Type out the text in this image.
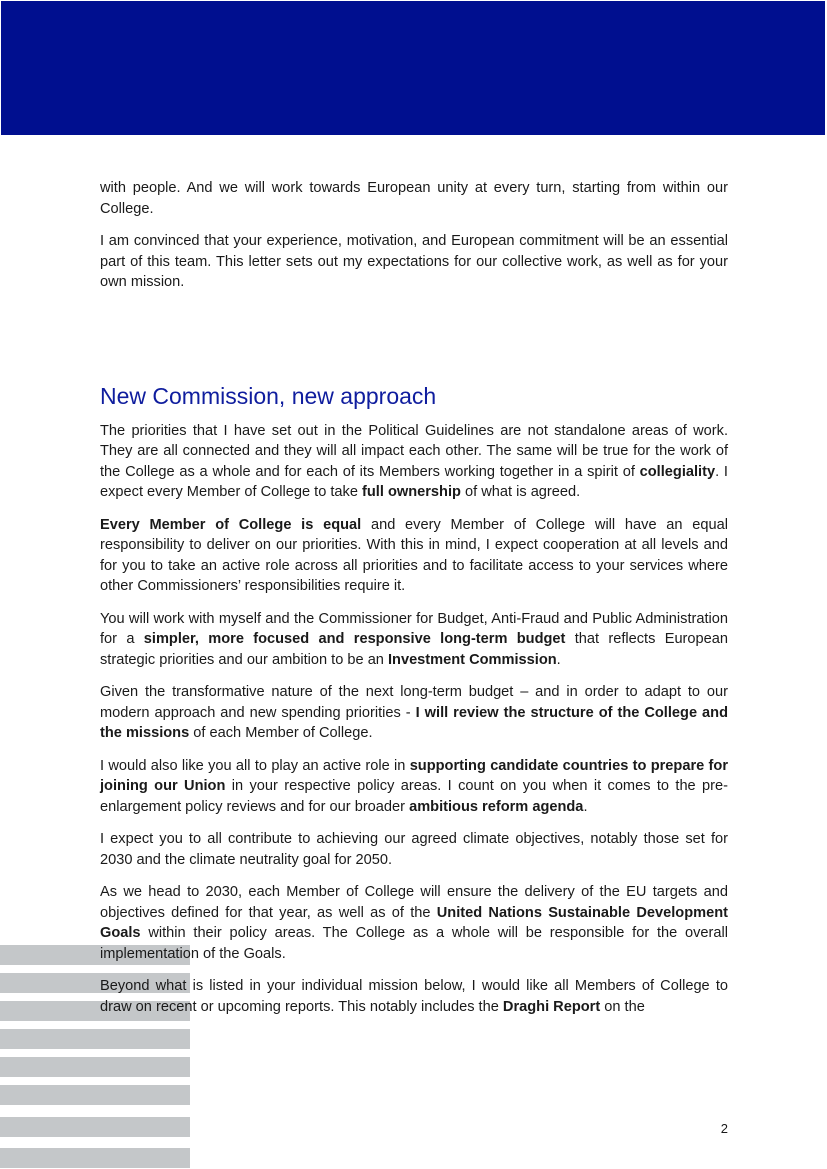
with people. And we will work towards European unity at every turn, starting from within our College.

I am convinced that your experience, motivation, and European commitment will be an essential part of this team. This letter sets out my expectations for our collective work, as well as for your own mission.

New Commission, new approach

The priorities that I have set out in the Political Guidelines are not standalone areas of work. They are all connected and they will all impact each other. The same will be true for the work of the College as a whole and for each of its Members working together in a spirit of collegiality. I expect every Member of College to take full ownership of what is agreed.

Every Member of College is equal and every Member of College will have an equal responsibility to deliver on our priorities. With this in mind, I expect cooperation at all levels and for you to take an active role across all priorities and to facilitate access to your services where other Commissioners’ responsibilities require it.

You will work with myself and the Commissioner for Budget, Anti-Fraud and Public Administration for a simpler, more focused and responsive long-term budget that reflects European strategic priorities and our ambition to be an Investment Commission.

Given the transformative nature of the next long-term budget – and in order to adapt to our modern approach and new spending priorities - I will review the structure of the College and the missions of each Member of College.

I would also like you all to play an active role in supporting candidate countries to prepare for joining our Union in your respective policy areas. I count on you when it comes to the pre-enlargement policy reviews and for our broader ambitious reform agenda.

I expect you to all contribute to achieving our agreed climate objectives, notably those set for 2030 and the climate neutrality goal for 2050.

As we head to 2030, each Member of College will ensure the delivery of the EU targets and objectives defined for that year, as well as of the United Nations Sustainable Development Goals within their policy areas. The College as a whole will be responsible for the overall implementation of the Goals.

Beyond what is listed in your individual mission below, I would like all Members of College to draw on recent or upcoming reports. This notably includes the Draghi Report on the

2
